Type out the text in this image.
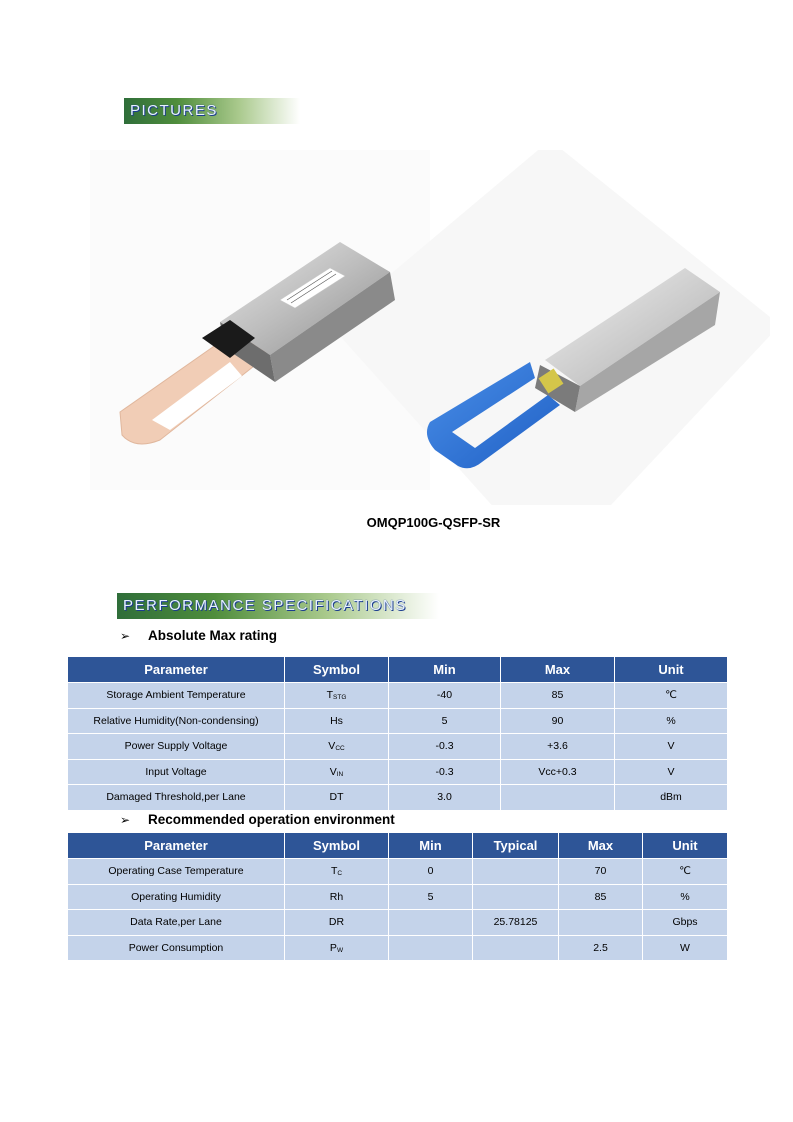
PICTURES
OMQP100G-QSFP-SR
PERFORMANCE SPECIFICATIONS
➢ Absolute Max rating
Parameter	Symbol	Min	Max	Unit
Storage Ambient Temperature	TSTG	-40	85	℃
Relative Humidity(Non-condensing)	Hs	5	90	%
Power Supply Voltage	VCC	-0.3	+3.6	V
Input Voltage	VIN	-0.3	Vcc+0.3	V
Damaged Threshold,per Lane	DT	3.0		dBm
➢ Recommended operation environment
Parameter	Symbol	Min	Typical	Max	Unit
Operating Case Temperature	TC	0		70	℃
Operating Humidity	Rh	5		85	%
Data Rate,per Lane	DR		25.78125		Gbps
Power Consumption	PW			2.5	W
